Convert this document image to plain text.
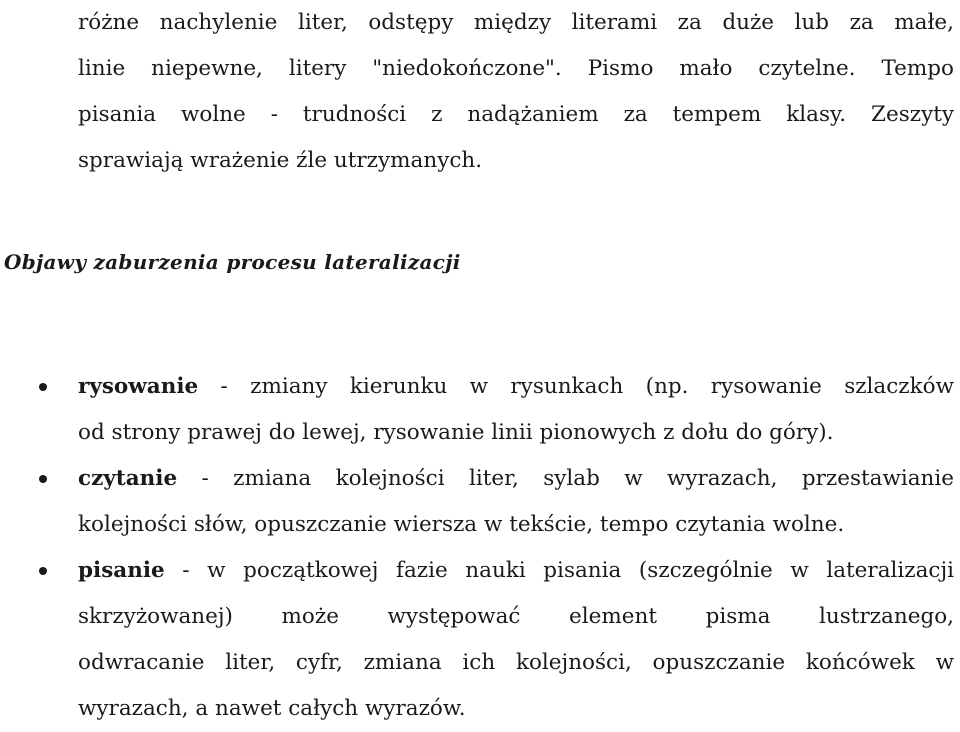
różne nachylenie liter, odstępy między literami za duże lub za małe,
linie niepewne, litery "niedokończone". Pismo mało czytelne. Tempo
pisania wolne - trudności z nadążaniem za tempem klasy. Zeszyty
sprawiają wrażenie źle utrzymanych.
Objawy zaburzenia procesu lateralizacji
rysowanie - zmiany kierunku w rysunkach (np. rysowanie szlaczków
od strony prawej do lewej, rysowanie linii pionowych z dołu do góry).
czytanie - zmiana kolejności liter, sylab w wyrazach, przestawianie
kolejności słów, opuszczanie wiersza w tekście, tempo czytania wolne.
pisanie - w początkowej fazie nauki pisania (szczególnie w lateralizacji
skrzyżowanej) może występować element pisma lustrzanego,
odwracanie liter, cyfr, zmiana ich kolejności, opuszczanie końcówek w
wyrazach, a nawet całych wyrazów.
